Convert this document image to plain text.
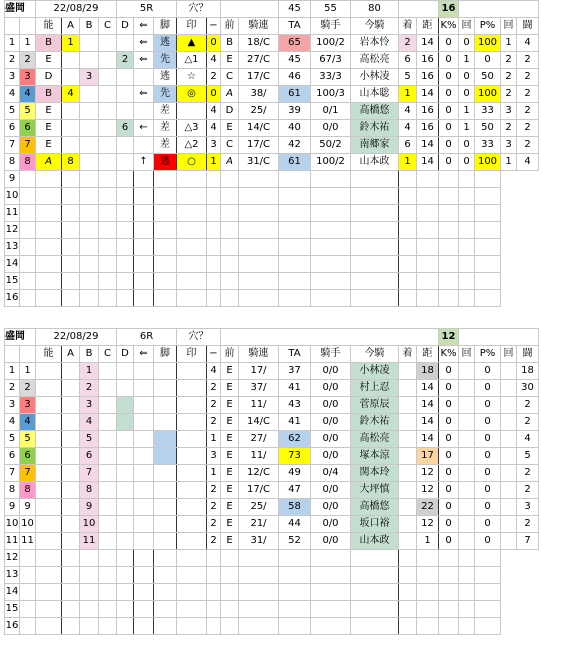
盛岡		22/08/29				5R			穴？				45	55	80			16				
		能	A	B	C	D	⇐	脚	印	−	前	騎連	TA	騎手	今騎	着	距	K%	回	P%	回	闘
1	1	B	1				⇐	逃	▲	0	B	18/C	65	100/2	岩本怜	2	14	0	0	100	1	4
2	2	E				2	⇐	先	△1	4	E	27/C	45	67/3	高松亮	6	16	0	1	0	2	2
3	3	D		3				逃	☆	2	C	17/C	46	33/3	小林凌	5	16	0	0	50	2	2
4	4	B	4				⇐	先	◎	0	A	38/	61	100/3	山本聡	1	14	0	0	100	2	2
5	5	E						差		4	D	25/	39	0/1	高橋悠	4	16	0	1	33	3	2
6	6	E				6	←	差	△3	4	E	14/C	40	0/0	鈴木祐	4	16	0	1	50	2	2
7	7	E						差	△2	3	C	17/C	42	50/2	南郷家	6	14	0	0	33	3	2
8	8	A	8				↑	逃	○	1	A	31/C	61	100/2	山本政	1	14	0	0	100	1	4
9																						
10																						
11																						
12																						
13																						
14																						
15																						
16																						
盛岡		22/08/29				6R			穴？									12				
		能	A	B	C	D	⇐	脚	印	−	前	騎連	TA	騎手	今騎	着	距	K%	回	P%	回	闘
1	1			1						4	E	17/	37	0/0	小林凌		18	0		0		18
2	2			2						2	E	37/	41	0/0	村上忍		14	0		0		30
3	3			3						2	E	11/	43	0/0	菅原辰		14	0		0		2
4	4			4						2	E	14/C	41	0/0	鈴木祐		14	0		0		2
5	5			5						1	E	27/	62	0/0	高松亮		14	0		0		4
6	6			6						3	E	11/	73	0/0	塚本涼		17	0		0		5
7	7			7						1	E	12/C	49	0/4	関本玲		12	0		0		2
8	8			8						2	E	17/C	47	0/0	大坪慎		12	0		0		2
9	9			9						2	E	25/	58	0/0	高橋悠		22	0		0		3
10	10			10						2	E	21/	44	0/0	坂口裕		12	0		0		2
11	11			11						2	E	31/	52	0/0	山本政		1	0		0		7
12																						
13																						
14																						
15																						
16																						
